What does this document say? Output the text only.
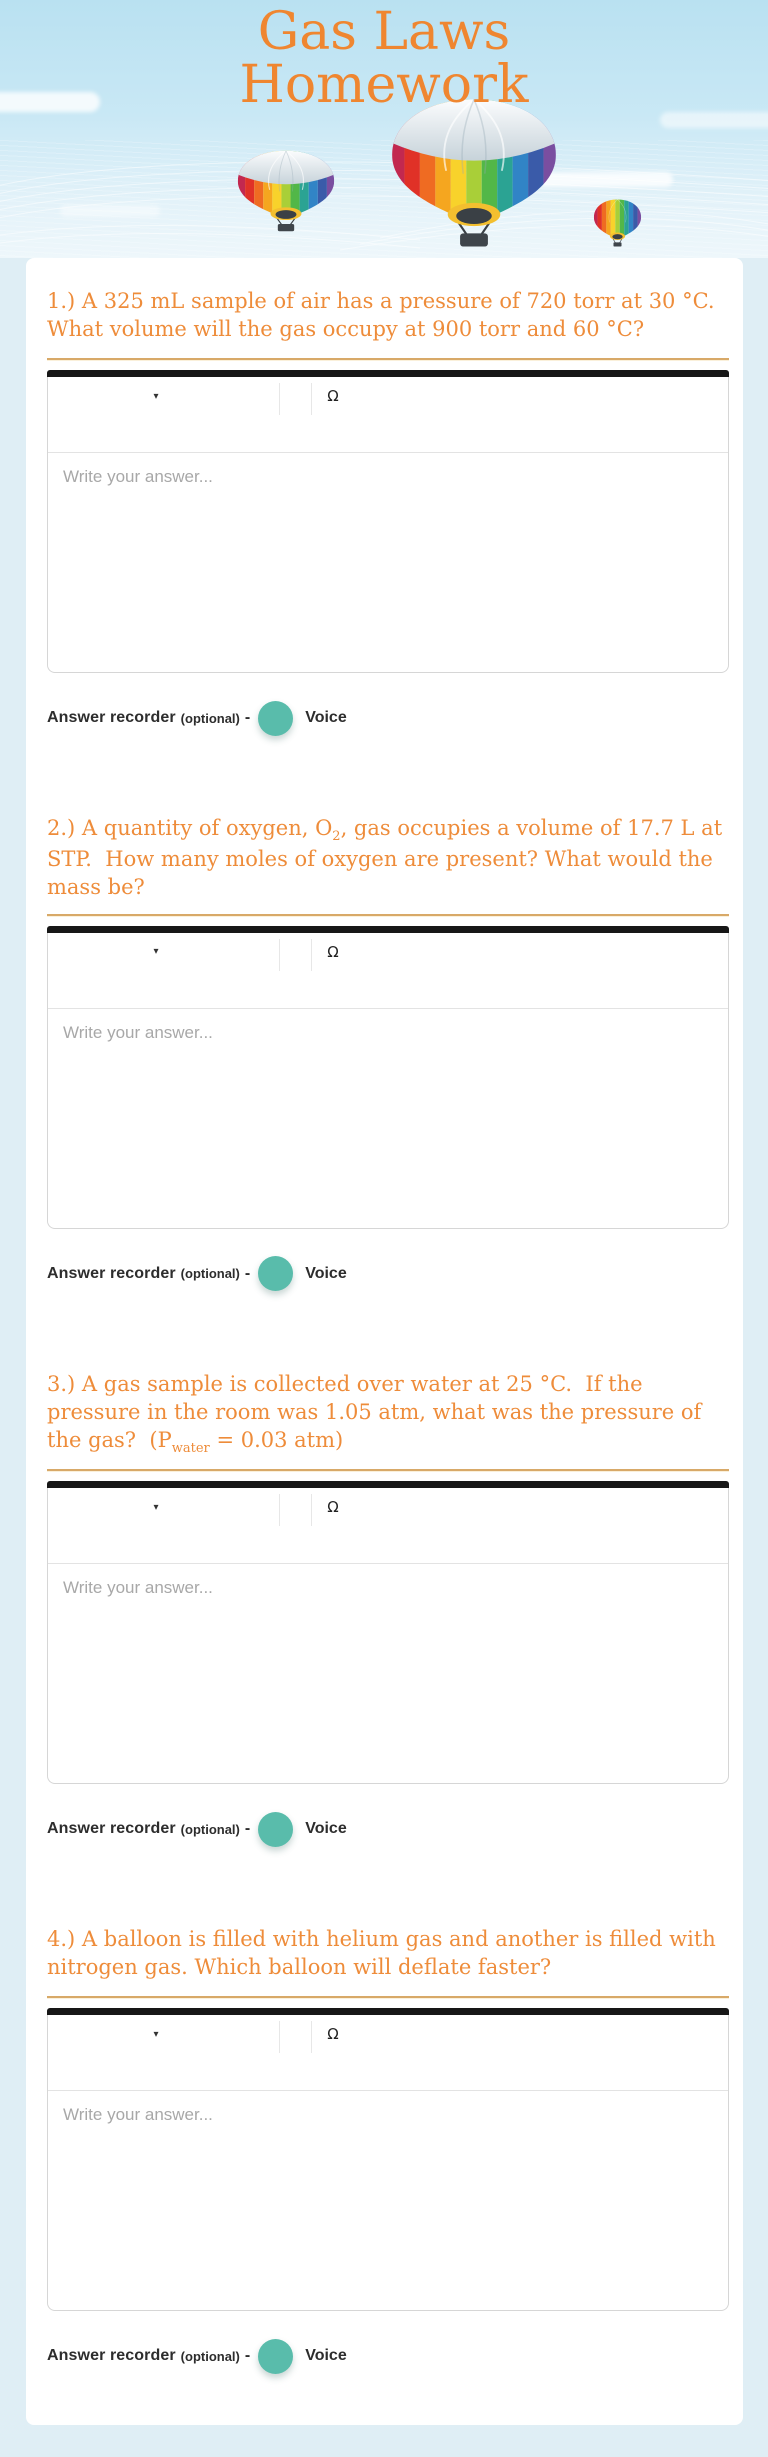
Gas Laws
Homework

1.) A 325 mL sample of air has a pressure of 720 torr at 30 °C.  What volume will the gas occupy at 900 torr and 60 °C?

▾	Ω
Write your answer...
Answer recorder (optional) -	Voice

2.) A quantity of oxygen, $O_2$, gas occupies a volume of 17.7 L at STP.  How many moles of oxygen are present? What would the mass be?

▾	Ω
Write your answer...
Answer recorder (optional) -	Voice

3.) A gas sample is collected over water at 25 °C.  If the pressure in the room was 1.05 atm, what was the pressure of the gas?  ($P_{water} = 0.03$ atm)

▾	Ω
Write your answer...
Answer recorder (optional) -	Voice

4.) A balloon is filled with helium gas and another is filled with nitrogen gas. Which balloon will deflate faster?

▾	Ω
Write your answer...
Answer recorder (optional) -	Voice
